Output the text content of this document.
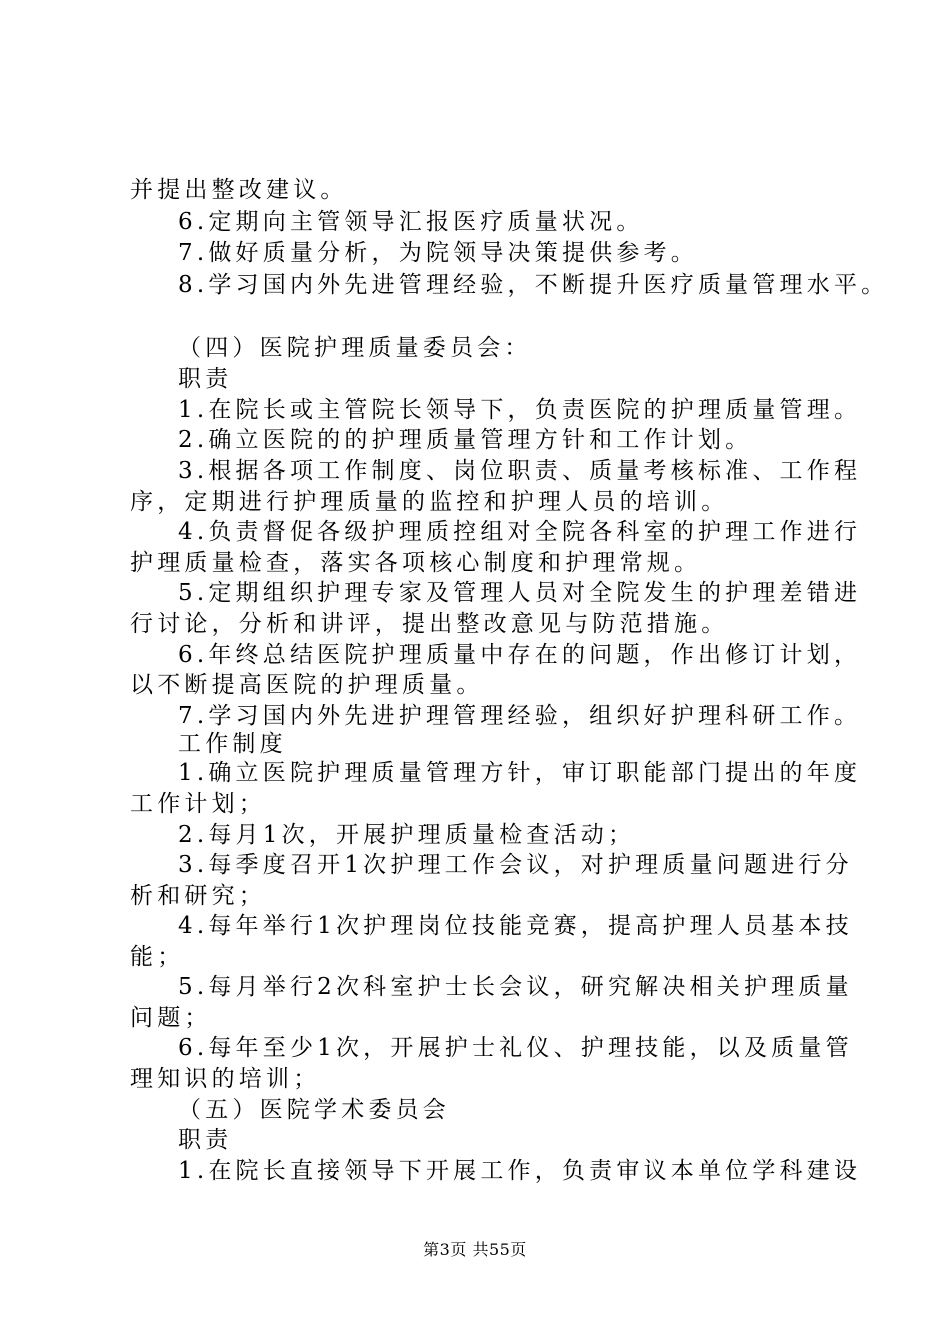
并提出整改建议。
6.定期向主管领导汇报医疗质量状况。
7.做好质量分析，为院领导决策提供参考。
8.学习国内外先进管理经验，不断提升医疗质量管理水平。
（四）医院护理质量委员会：
职责
1.在院长或主管院长领导下，负责医院的护理质量管理。
2.确立医院的的护理质量管理方针和工作计划。
3.根据各项工作制度、岗位职责、质量考核标准、工作程
序，定期进行护理质量的监控和护理人员的培训。
4.负责督促各级护理质控组对全院各科室的护理工作进行
护理质量检查，落实各项核心制度和护理常规。
5.定期组织护理专家及管理人员对全院发生的护理差错进
行讨论，分析和讲评，提出整改意见与防范措施。
6.年终总结医院护理质量中存在的问题，作出修订计划，
以不断提高医院的护理质量。
7.学习国内外先进护理管理经验，组织好护理科研工作。
工作制度
1.确立医院护理质量管理方针，审订职能部门提出的年度
工作计划；
2.每月1次，开展护理质量检查活动；
3.每季度召开1次护理工作会议，对护理质量问题进行分
析和研究；
4.每年举行1次护理岗位技能竞赛，提高护理人员基本技
能；
5.每月举行2次科室护士长会议，研究解决相关护理质量
问题；
6.每年至少1次，开展护士礼仪、护理技能，以及质量管
理知识的培训；
（五）医院学术委员会
职责
1.在院长直接领导下开展工作，负责审议本单位学科建设
第3页 共55页
